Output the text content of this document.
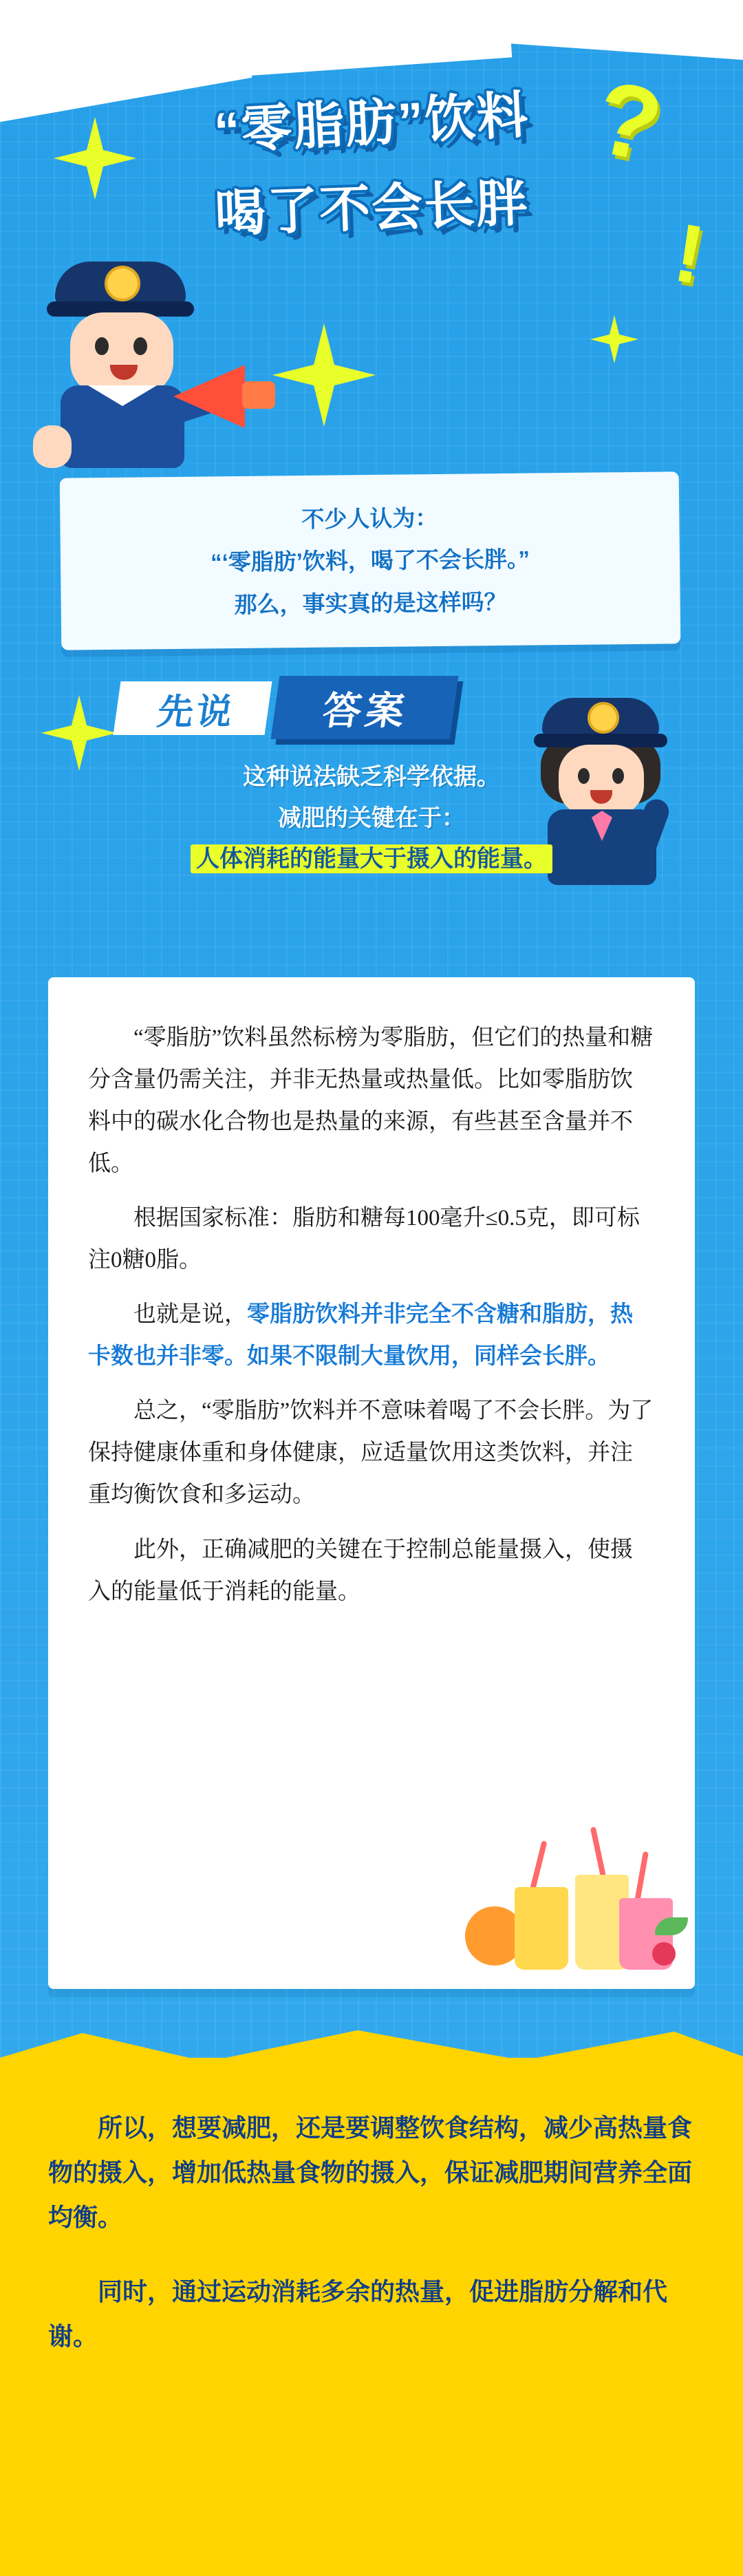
“零脂肪”饮料
喝了不会长胖
?
!
不少人认为：
“‘零脂肪’饮料，喝了不会长胖。”
那么，事实真的是这样吗？
先说	答案
这种说法缺乏科学依据。
减肥的关键在于：
人体消耗的能量大于摄入的能量。

“零脂肪”饮料虽然标榜为零脂肪，但它们的热量和糖分含量仍需关注，并非无热量或热量低。比如零脂肪饮料中的碳水化合物也是热量的来源，有些甚至含量并不低。

根据国家标准：脂肪和糖每100毫升≤0.5克，即可标注0糖0脂。

也就是说，零脂肪饮料并非完全不含糖和脂肪，热卡数也并非零。如果不限制大量饮用，同样会长胖。

总之，“零脂肪”饮料并不意味着喝了不会长胖。为了保持健康体重和身体健康，应适量饮用这类饮料，并注重均衡饮食和多运动。

此外，正确减肥的关键在于控制总能量摄入，使摄入的能量低于消耗的能量。

所以，想要减肥，还是要调整饮食结构，减少高热量食物的摄入，增加低热量食物的摄入，保证减肥期间营养全面均衡。

同时，通过运动消耗多余的热量，促进脂肪分解和代谢。
